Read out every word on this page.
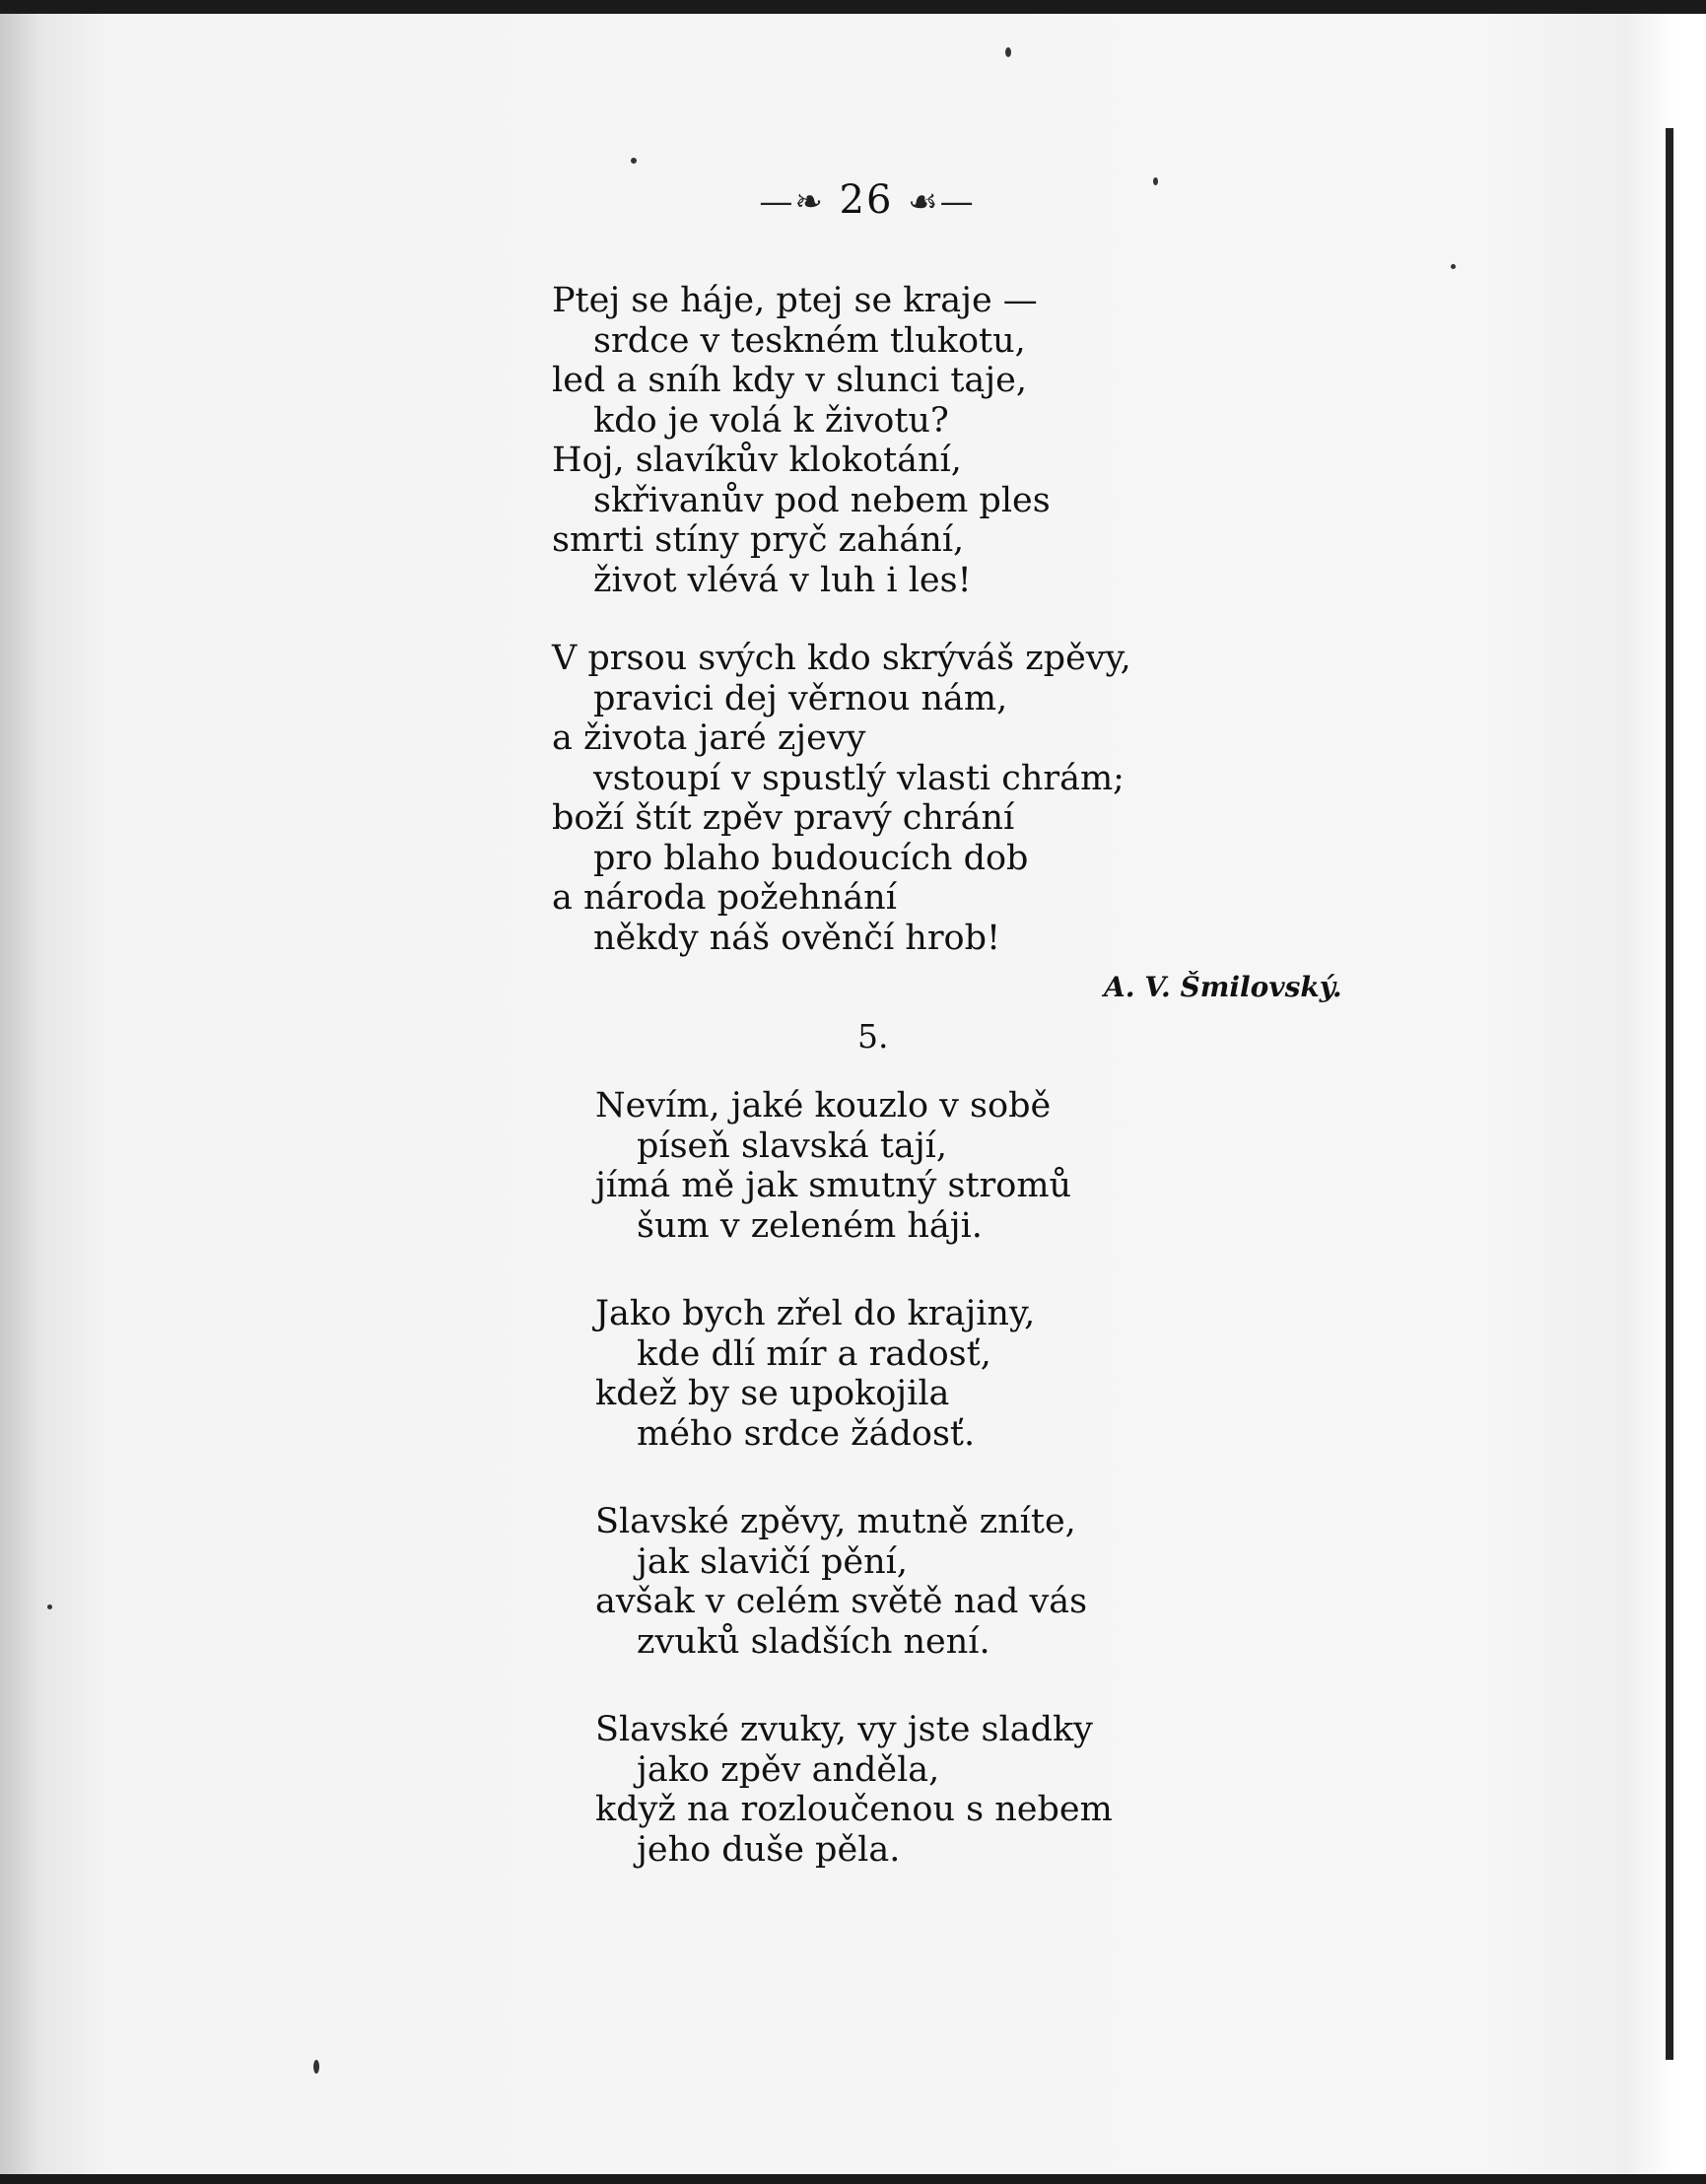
—❧ 26 ☙—
Ptej se háje, ptej se kraje —
srdce v teskném tlukotu,
led a sníh kdy v slunci taje,
kdo je volá k životu?
Hoj, slavíkův klokotání,
skřivanův pod nebem ples
smrti stíny pryč zahání,
život vlévá v luh i les!
V prsou svých kdo skrýváš zpěvy,
pravici dej věrnou nám,
a života jaré zjevy
vstoupí v spustlý vlasti chrám;
boží štít zpěv pravý chrání
pro blaho budoucích dob
a národa požehnání
někdy náš ověnčí hrob!
A. V. Šmilovský.
5.
Nevím, jaké kouzlo v sobě
píseň slavská tají,
jímá mě jak smutný stromů
šum v zeleném háji.
Jako bych zřel do krajiny,
kde dlí mír a radosť,
kdež by se upokojila
mého srdce žádosť.
Slavské zpěvy, mutně zníte,
jak slavičí pění,
avšak v celém světě nad vás
zvuků sladších není.
Slavské zvuky, vy jste sladky
jako zpěv anděla,
když na rozloučenou s nebem
jeho duše pěla.
